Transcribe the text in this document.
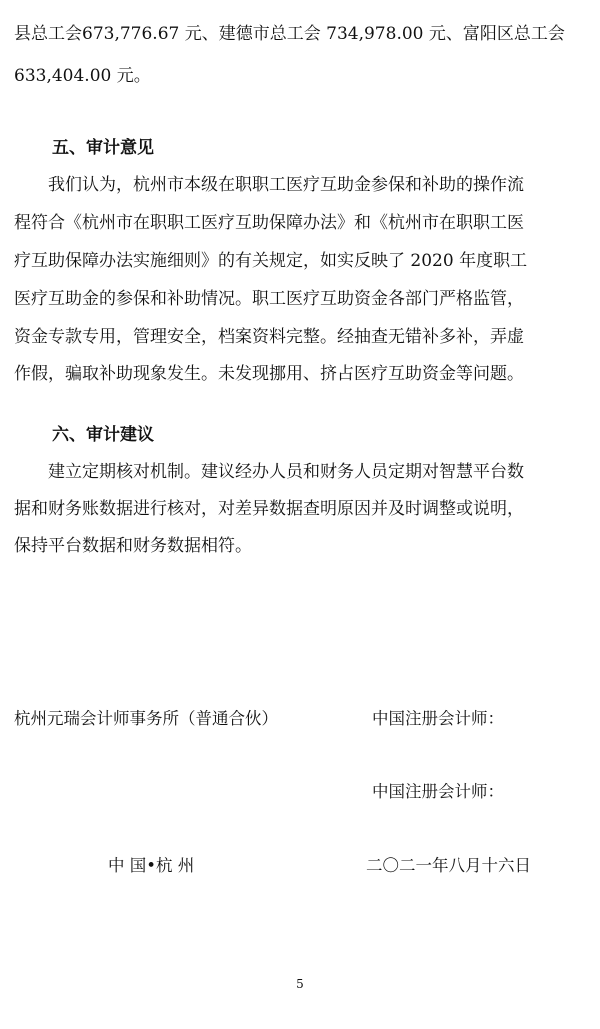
县总工会673,776.67 元、建德市总工会 734,978.00 元、富阳区总工会
633,404.00 元。
五、审计意见
我们认为，杭州市本级在职职工医疗互助金参保和补助的操作流
程符合《杭州市在职职工医疗互助保障办法》和《杭州市在职职工医
疗互助保障办法实施细则》的有关规定，如实反映了 2020 年度职工
医疗互助金的参保和补助情况。职工医疗互助资金各部门严格监管，
资金专款专用，管理安全，档案资料完整。经抽查无错补多补，弄虚
作假，骗取补助现象发生。未发现挪用、挤占医疗互助资金等问题。
六、审计建议
建立定期核对机制。建议经办人员和财务人员定期对智慧平台数
据和财务账数据进行核对，对差异数据查明原因并及时调整或说明，
保持平台数据和财务数据相符。
杭州元瑞会计师事务所（普通合伙）	中国注册会计师：
中国注册会计师：
中 国•杭 州	二〇二一年八月十六日
5
